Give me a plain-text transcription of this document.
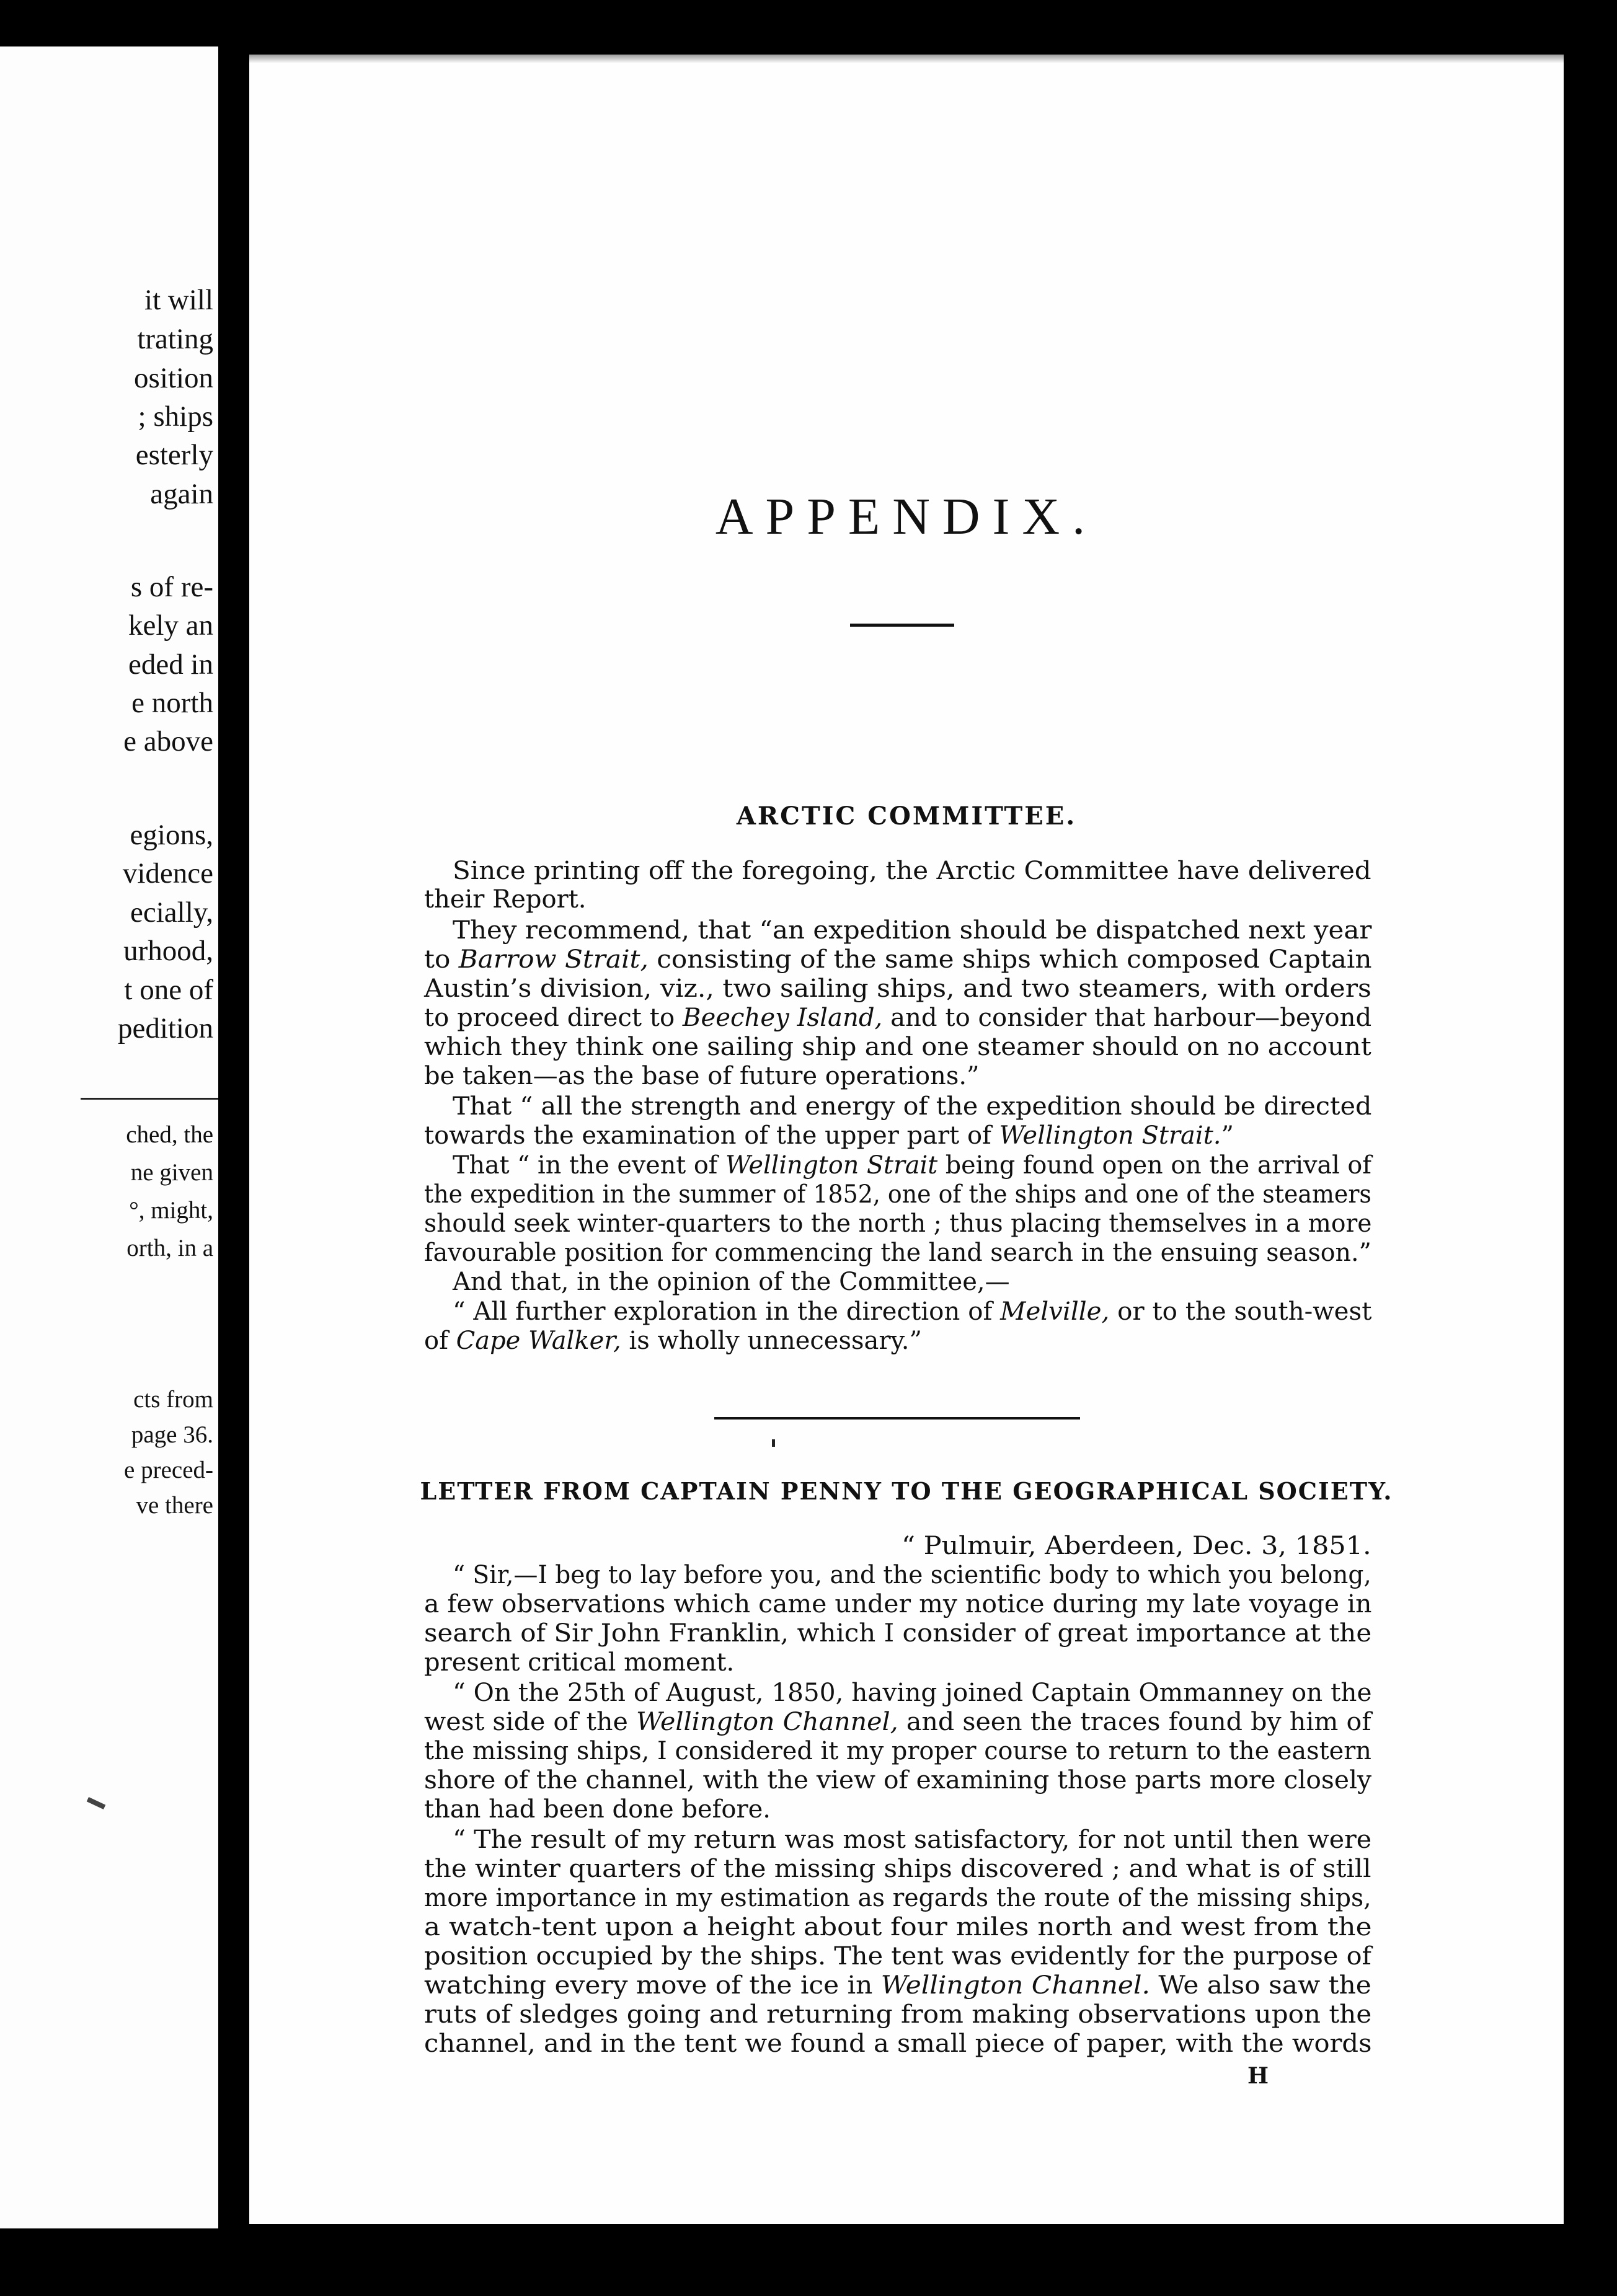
it will

trating

osition

; ships

esterly

again

s of re-

kely an

eded in

e north

e above

egions,

vidence

ecially,

urhood,

t one of

pedition

ched, the

ne given

°, might,

orth, in a

cts from

page 36.

e preced-

ve there

APPENDIX.
ARCTIC COMMITTEE.

Since printing off the foregoing, the Arctic Committee have delivered

their Report.

They recommend, that “an expedition should be dispatched next year

to Barrow Strait, consisting of the same ships which composed Captain

Austin’s division, viz., two sailing ships, and two steamers, with orders

to proceed direct to Beechey Island, and to consider that harbour—beyond

which they think one sailing ship and one steamer should on no account

be taken—as the base of future operations.”

That “ all the strength and energy of the expedition should be directed

towards the examination of the upper part of Wellington Strait.”

That “ in the event of Wellington Strait being found open on the arrival of

the expedition in the summer of 1852, one of the ships and one of the steamers

should seek winter-quarters to the north ; thus placing themselves in a more

favourable position for commencing the land search in the ensuing season.”

And that, in the opinion of the Committee,—

“ All further exploration in the direction of Melville, or to the south-west

of Cape Walker, is wholly unnecessary.”

LETTER FROM CAPTAIN PENNY TO THE GEOGRAPHICAL SOCIETY.

“ Pulmuir, Aberdeen, Dec. 3, 1851.

“ Sir,—I beg to lay before you, and the scientific body to which you belong,

a few observations which came under my notice during my late voyage in

search of Sir John Franklin, which I consider of great importance at the

present critical moment.

“ On the 25th of August, 1850, having joined Captain Ommanney on the

west side of the Wellington Channel, and seen the traces found by him of

the missing ships, I considered it my proper course to return to the eastern

shore of the channel, with the view of examining those parts more closely

than had been done before.

“ The result of my return was most satisfactory, for not until then were

the winter quarters of the missing ships discovered ; and what is of still

more importance in my estimation as regards the route of the missing ships,

a watch-tent upon a height about four miles north and west from the

position occupied by the ships. The tent was evidently for the purpose of

watching every move of the ice in Wellington Channel. We also saw the

ruts of sledges going and returning from making observations upon the

channel, and in the tent we found a small piece of paper, with the words

H
